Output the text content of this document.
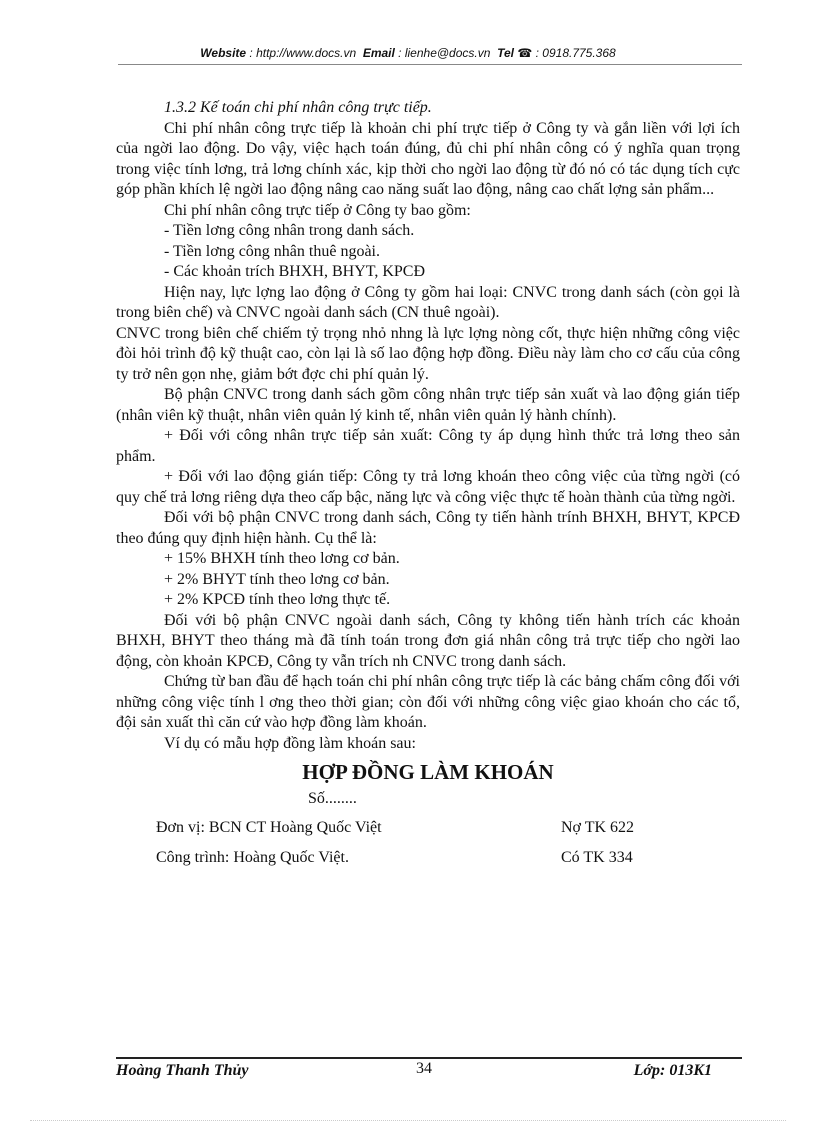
Website : http://www.docs.vn Email : lienhe@docs.vn Tel ☎ : 0918.775.368

1.3.2 Kế toán chi phí nhân công trực tiếp.

Chi phí nhân công trực tiếp là khoản chi phí trực tiếp ở Công ty và gắn liền với lợi ích của ngời lao động. Do vậy, việc hạch toán đúng, đủ chi phí nhân công có ý nghĩa quan trọng trong việc tính lơng, trả lơng chính xác, kịp thời cho ngời lao động từ đó nó có tác dụng tích cực góp phần khích lệ ngời lao động nâng cao năng suất lao động, nâng cao chất lợng sản phẩm...

Chi phí nhân công trực tiếp ở Công ty bao gồm:

- Tiền lơng công nhân trong danh sách.

- Tiền lơng công nhân thuê ngoài.

- Các khoản trích BHXH, BHYT, KPCĐ

Hiện nay, lực lợng lao động ở Công ty gồm hai loại: CNVC trong danh sách (còn gọi là trong biên chế) và CNVC ngoài danh sách (CN thuê ngoài).

CNVC trong biên chế chiếm tỷ trọng nhỏ nhng là lực lợng nòng cốt, thực hiện những công việc đòi hỏi trình độ kỹ thuật cao, còn lại là số lao động hợp đồng. Điều này làm cho cơ cấu của công ty trở nên gọn nhẹ, giảm bớt đợc chi phí quản lý.

Bộ phận CNVC trong danh sách gồm công nhân trực tiếp sản xuất và lao động gián tiếp (nhân viên kỹ thuật, nhân viên quản lý kinh tế, nhân viên quản lý hành chính).

+ Đối với công nhân trực tiếp sản xuất: Công ty áp dụng hình thức trả lơng theo sản phẩm.

+ Đối với lao động gián tiếp: Công ty trả lơng khoán theo công việc của từng ngời (có quy chế trả lơng riêng dựa theo cấp bậc, năng lực và công việc thực tế hoàn thành của từng ngời.

Đối với bộ phận CNVC trong danh sách, Công ty tiến hành trính BHXH, BHYT, KPCĐ theo đúng quy định hiện hành. Cụ thể là:

+ 15% BHXH tính theo lơng cơ bản.

+ 2% BHYT tính theo lơng cơ bản.

+ 2% KPCĐ tính theo lơng thực tế.

Đối với bộ phận CNVC ngoài danh sách, Công ty không tiến hành trích các khoản BHXH, BHYT theo tháng mà đã tính toán trong đơn giá nhân công trả trực tiếp cho ngời lao động, còn khoản KPCĐ, Công ty vẫn trích nh CNVC trong danh sách.

Chứng từ ban đầu để hạch toán chi phí nhân công trực tiếp là các bảng chấm công đối với những công việc tính l ơng theo thời gian; còn đối với những công việc giao khoán cho các tổ, đội sản xuất thì căn cứ vào hợp đồng làm khoán.

Ví dụ có mẫu hợp đồng làm khoán sau:

HỢP ĐỒNG LÀM KHOÁN

Số........

Đơn vị: BCN CT Hoàng Quốc Việt	Nợ TK 622
Công trình: Hoàng Quốc Việt.	Có TK 334
Hoàng Thanh Thủy	34	Lớp: 013K1
